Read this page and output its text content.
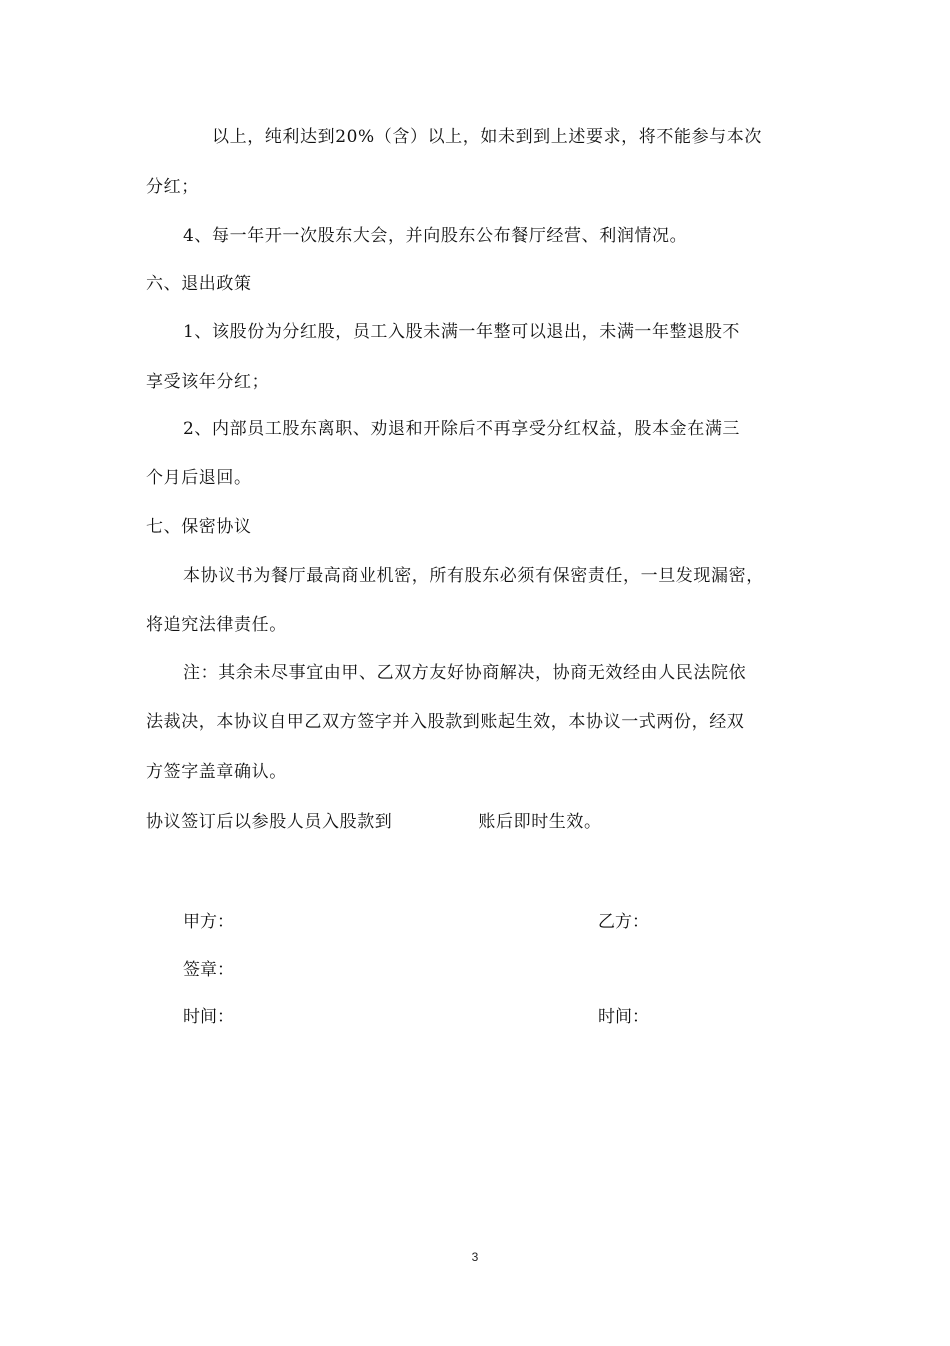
以上，纯利达到20%（含）以上，如未到到上述要求，将不能参与本次
分红；
4、每一年开一次股东大会，并向股东公布餐厅经营、利润情况。
六、退出政策
1、该股份为分红股，员工入股未满一年整可以退出，未满一年整退股不
享受该年分红；
2、内部员工股东离职、劝退和开除后不再享受分红权益，股本金在满三
个月后退回。
七、保密协议
本协议书为餐厅最高商业机密，所有股东必须有保密责任，一旦发现漏密，
将追究法律责任。
注：其余未尽事宜由甲、乙双方友好协商解决，协商无效经由人民法院依
法裁决，本协议自甲乙双方签字并入股款到账起生效，本协议一式两份，经双
方签字盖章确认。
协议签订后以参股人员入股款到	账后即时生效。
甲方：	乙方：
签章：
时间：	时间：
3
